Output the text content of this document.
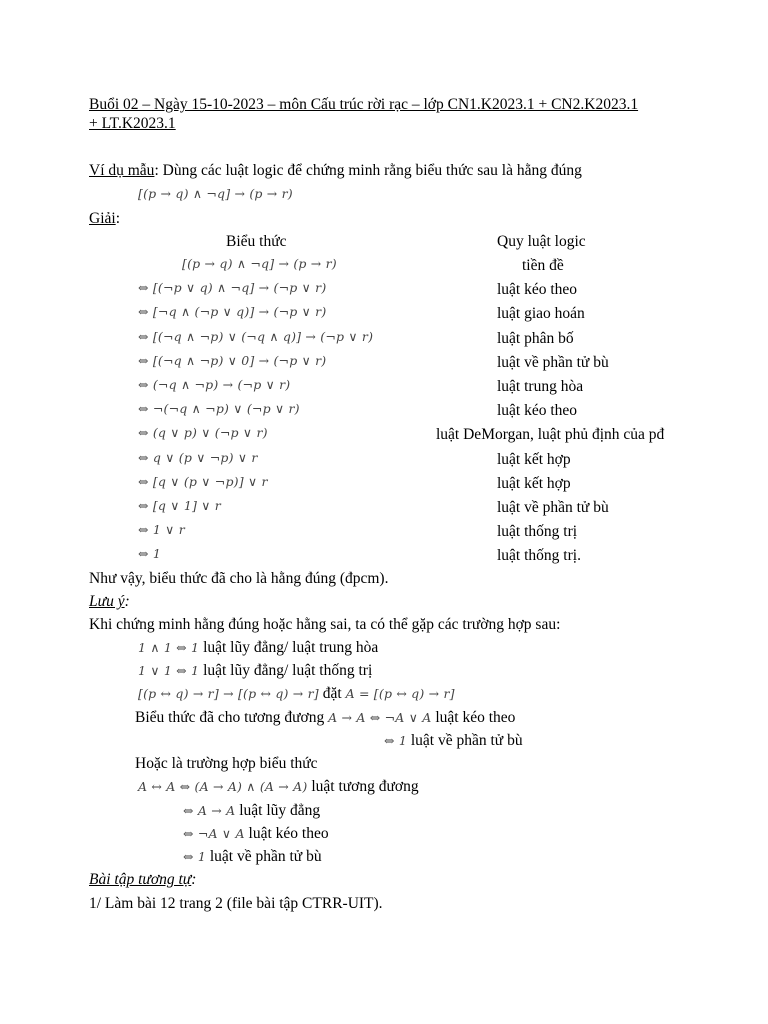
Buổi 02 – Ngày 15-10-2023 – môn Cấu trúc rời rạc – lớp CN1.K2023.1 + CN2.K2023.1
+ LT.K2023.1
Ví dụ mẫu: Dùng các luật logic để chứng minh rằng biểu thức sau là hằng đúng
[(p → q) ∧ ¬q] → (p → r)
Giải:
Biểu thức	Quy luật logic
[(p → q) ∧ ¬q] → (p → r)	tiền đề
⇔ [(¬p ∨ q) ∧ ¬q] → (¬p ∨ r)	luật kéo theo
⇔ [¬q ∧ (¬p ∨ q)] → (¬p ∨ r)	luật giao hoán
⇔ [(¬q ∧ ¬p) ∨ (¬q ∧ q)] → (¬p ∨ r)	luật phân bố
⇔ [(¬q ∧ ¬p) ∨ 0] → (¬p ∨ r)	luật về phần tử bù
⇔ (¬q ∧ ¬p) → (¬p ∨ r)	luật trung hòa
⇔ ¬(¬q ∧ ¬p) ∨ (¬p ∨ r)	luật kéo theo
⇔ (q ∨ p) ∨ (¬p ∨ r)	luật DeMorgan, luật phủ định của pđ
⇔ q ∨ (p ∨ ¬p) ∨ r	luật kết hợp
⇔ [q ∨ (p ∨ ¬p)] ∨ r	luật kết hợp
⇔ [q ∨ 1] ∨ r	luật về phần tử bù
⇔ 1 ∨ r	luật thống trị
⇔ 1	luật thống trị.
Như vậy, biểu thức đã cho là hằng đúng (đpcm).
Lưu ý:
Khi chứng minh hằng đúng hoặc hằng sai, ta có thể gặp các trường hợp sau:
1 ∧ 1 ⇔ 1 luật lũy đẳng/ luật trung hòa
1 ∨ 1 ⇔ 1 luật lũy đẳng/ luật thống trị
[(p ↔ q) → r] → [(p ↔ q) → r] đặt A = [(p ↔ q) → r]
Biểu thức đã cho tương đương A → A ⇔ ¬A ∨ A luật kéo theo
⇔ 1 luật về phần tử bù
Hoặc là trường hợp biểu thức
A ↔ A ⇔ (A → A) ∧ (A → A) luật tương đương
⇔ A → A luật lũy đẳng
⇔ ¬A ∨ A luật kéo theo
⇔ 1 luật về phần tử bù
Bài tập tương tự:
1/ Làm bài 12 trang 2 (file bài tập CTRR-UIT).
